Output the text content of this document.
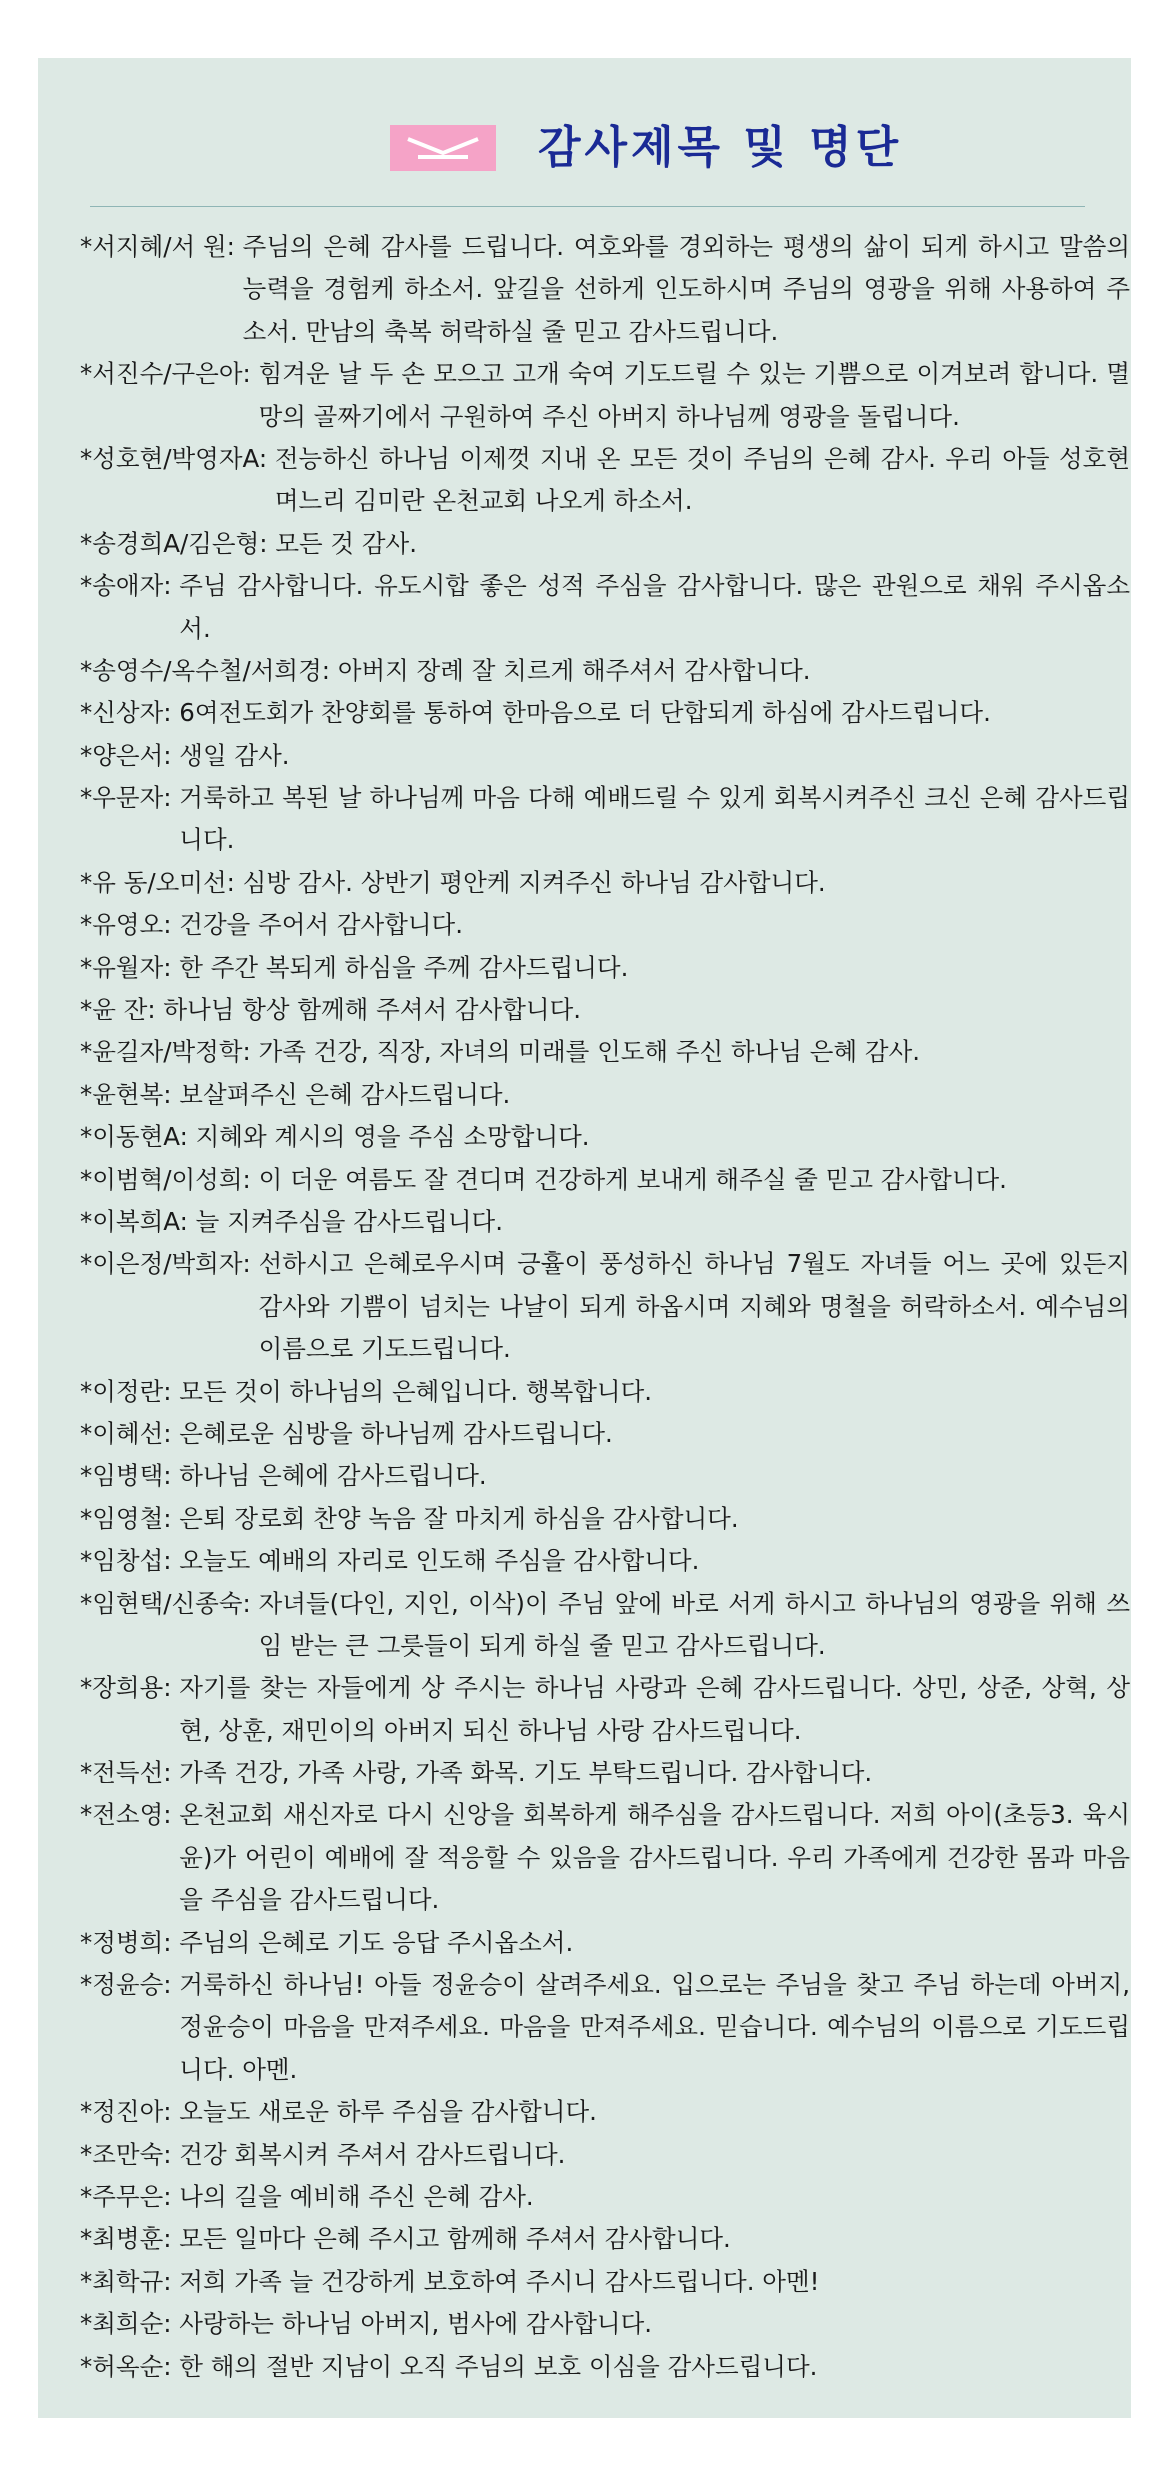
감사제목 및 명단
*서지혜/서 원: 주님의 은혜 감사를 드립니다. 여호와를 경외하는 평생의 삶이 되게 하시고 말씀의 능력을 경험케 하소서. 앞길을 선하게 인도하시며 주님의 영광을 위해 사용하여 주소서. 만남의 축복 허락하실 줄 믿고 감사드립니다.
*서진수/구은아: 힘겨운 날 두 손 모으고 고개 숙여 기도드릴 수 있는 기쁨으로 이겨보려 합니다. 멸망의 골짜기에서 구원하여 주신 아버지 하나님께 영광을 돌립니다.
*성호현/박영자A: 전능하신 하나님 이제껏 지내 온 모든 것이 주님의 은혜 감사. 우리 아들 성호현 며느리 김미란 온천교회 나오게 하소서.
*송경희A/김은형: 모든 것 감사.
*송애자: 주님 감사합니다. 유도시합 좋은 성적 주심을 감사합니다. 많은 관원으로 채워 주시옵소서.
*송영수/옥수철/서희경: 아버지 장례 잘 치르게 해주셔서 감사합니다.
*신상자: 6여전도회가 찬양회를 통하여 한마음으로 더 단합되게 하심에 감사드립니다.
*양은서: 생일 감사.
*우문자: 거룩하고 복된 날 하나님께 마음 다해 예배드릴 수 있게 회복시켜주신 크신 은혜 감사드립니다.
*유 동/오미선: 심방 감사. 상반기 평안케 지켜주신 하나님 감사합니다.
*유영오: 건강을 주어서 감사합니다.
*유월자: 한 주간 복되게 하심을 주께 감사드립니다.
*윤 잔: 하나님 항상 함께해 주셔서 감사합니다.
*윤길자/박정학: 가족 건강, 직장, 자녀의 미래를 인도해 주신 하나님 은혜 감사.
*윤현복: 보살펴주신 은혜 감사드립니다.
*이동현A: 지혜와 계시의 영을 주심 소망합니다.
*이범혁/이성희: 이 더운 여름도 잘 견디며 건강하게 보내게 해주실 줄 믿고 감사합니다.
*이복희A: 늘 지켜주심을 감사드립니다.
*이은정/박희자: 선하시고 은혜로우시며 긍휼이 풍성하신 하나님 7월도 자녀들 어느 곳에 있든지 감사와 기쁨이 넘치는 나날이 되게 하옵시며 지혜와 명철을 허락하소서. 예수님의 이름으로 기도드립니다.
*이정란: 모든 것이 하나님의 은혜입니다. 행복합니다.
*이혜선: 은혜로운 심방을 하나님께 감사드립니다.
*임병택: 하나님 은혜에 감사드립니다.
*임영철: 은퇴 장로회 찬양 녹음 잘 마치게 하심을 감사합니다.
*임창섭: 오늘도 예배의 자리로 인도해 주심을 감사합니다.
*임현택/신종숙: 자녀들(다인, 지인, 이삭)이 주님 앞에 바로 서게 하시고 하나님의 영광을 위해 쓰임 받는 큰 그릇들이 되게 하실 줄 믿고 감사드립니다.
*장희용: 자기를 찾는 자들에게 상 주시는 하나님 사랑과 은혜 감사드립니다. 상민, 상준, 상혁, 상현, 상훈, 재민이의 아버지 되신 하나님 사랑 감사드립니다.
*전득선: 가족 건강, 가족 사랑, 가족 화목. 기도 부탁드립니다. 감사합니다.
*전소영: 온천교회 새신자로 다시 신앙을 회복하게 해주심을 감사드립니다. 저희 아이(초등3. 육시윤)가 어린이 예배에 잘 적응할 수 있음을 감사드립니다. 우리 가족에게 건강한 몸과 마음을 주심을 감사드립니다.
*정병희: 주님의 은혜로 기도 응답 주시옵소서.
*정윤승: 거룩하신 하나님! 아들 정윤승이 살려주세요. 입으로는 주님을 찾고 주님 하는데 아버지, 정윤승이 마음을 만져주세요. 마음을 만져주세요. 믿습니다. 예수님의 이름으로 기도드립니다. 아멘.
*정진아: 오늘도 새로운 하루 주심을 감사합니다.
*조만숙: 건강 회복시켜 주셔서 감사드립니다.
*주무은: 나의 길을 예비해 주신 은혜 감사.
*최병훈: 모든 일마다 은혜 주시고 함께해 주셔서 감사합니다.
*최학규: 저희 가족 늘 건강하게 보호하여 주시니 감사드립니다. 아멘!
*최희순: 사랑하는 하나님 아버지, 범사에 감사합니다.
*허옥순: 한 해의 절반 지남이 오직 주님의 보호 이심을 감사드립니다.
